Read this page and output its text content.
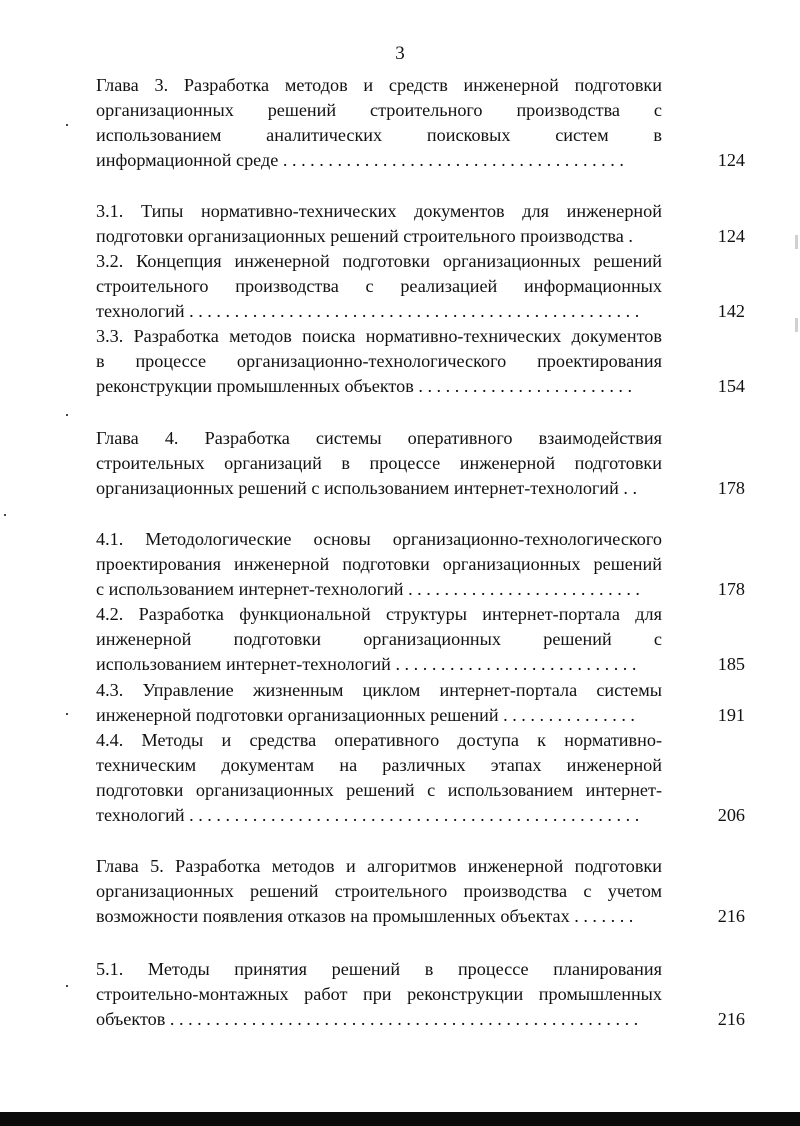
3
Глава 3. Разработка методов и средств инженерной подготовки
организационных решений строительного производства с
использованием аналитических поисковых систем в
информационной среде . . . . . . . . . . . . . . . . . . . . . . . . . . . . . . . . . . . . . .	124
3.1. Типы нормативно-технических документов для инженерной
подготовки организационных решений строительного производства .	124
3.2. Концепция инженерной подготовки организационных решений
строительного производства с реализацией информационных
технологий . . . . . . . . . . . . . . . . . . . . . . . . . . . . . . . . . . . . . . . . . . . . . . . . . .	142
3.3. Разработка методов поиска нормативно-технических документов
в процессе организационно-технологического проектирования
реконструкции промышленных объектов . . . . . . . . . . . . . . . . . . . . . . . .	154
Глава 4. Разработка системы оперативного взаимодействия
строительных организаций в процессе инженерной подготовки
организационных решений с использованием интернет-технологий . .	178
4.1. Методологические основы организационно-технологического
проектирования инженерной подготовки организационных решений
с использованием интернет-технологий . . . . . . . . . . . . . . . . . . . . . . . . . .	178
4.2. Разработка функциональной структуры интернет-портала для
инженерной подготовки организационных решений с
использованием интернет-технологий . . . . . . . . . . . . . . . . . . . . . . . . . . .	185
4.3. Управление жизненным циклом интернет-портала системы
инженерной подготовки организационных решений . . . . . . . . . . . . . . .	191
4.4. Методы и средства оперативного доступа к нормативно-
техническим документам на различных этапах инженерной
подготовки организационных решений с использованием интернет-
технологий . . . . . . . . . . . . . . . . . . . . . . . . . . . . . . . . . . . . . . . . . . . . . . . . . .	206
Глава 5. Разработка методов и алгоритмов инженерной подготовки
организационных решений строительного производства с учетом
возможности появления отказов на промышленных объектах . . . . . . .	216
5.1. Методы принятия решений в процессе планирования
строительно-монтажных работ при реконструкции промышленных
объектов . . . . . . . . . . . . . . . . . . . . . . . . . . . . . . . . . . . . . . . . . . . . . . . . . . . .	216
